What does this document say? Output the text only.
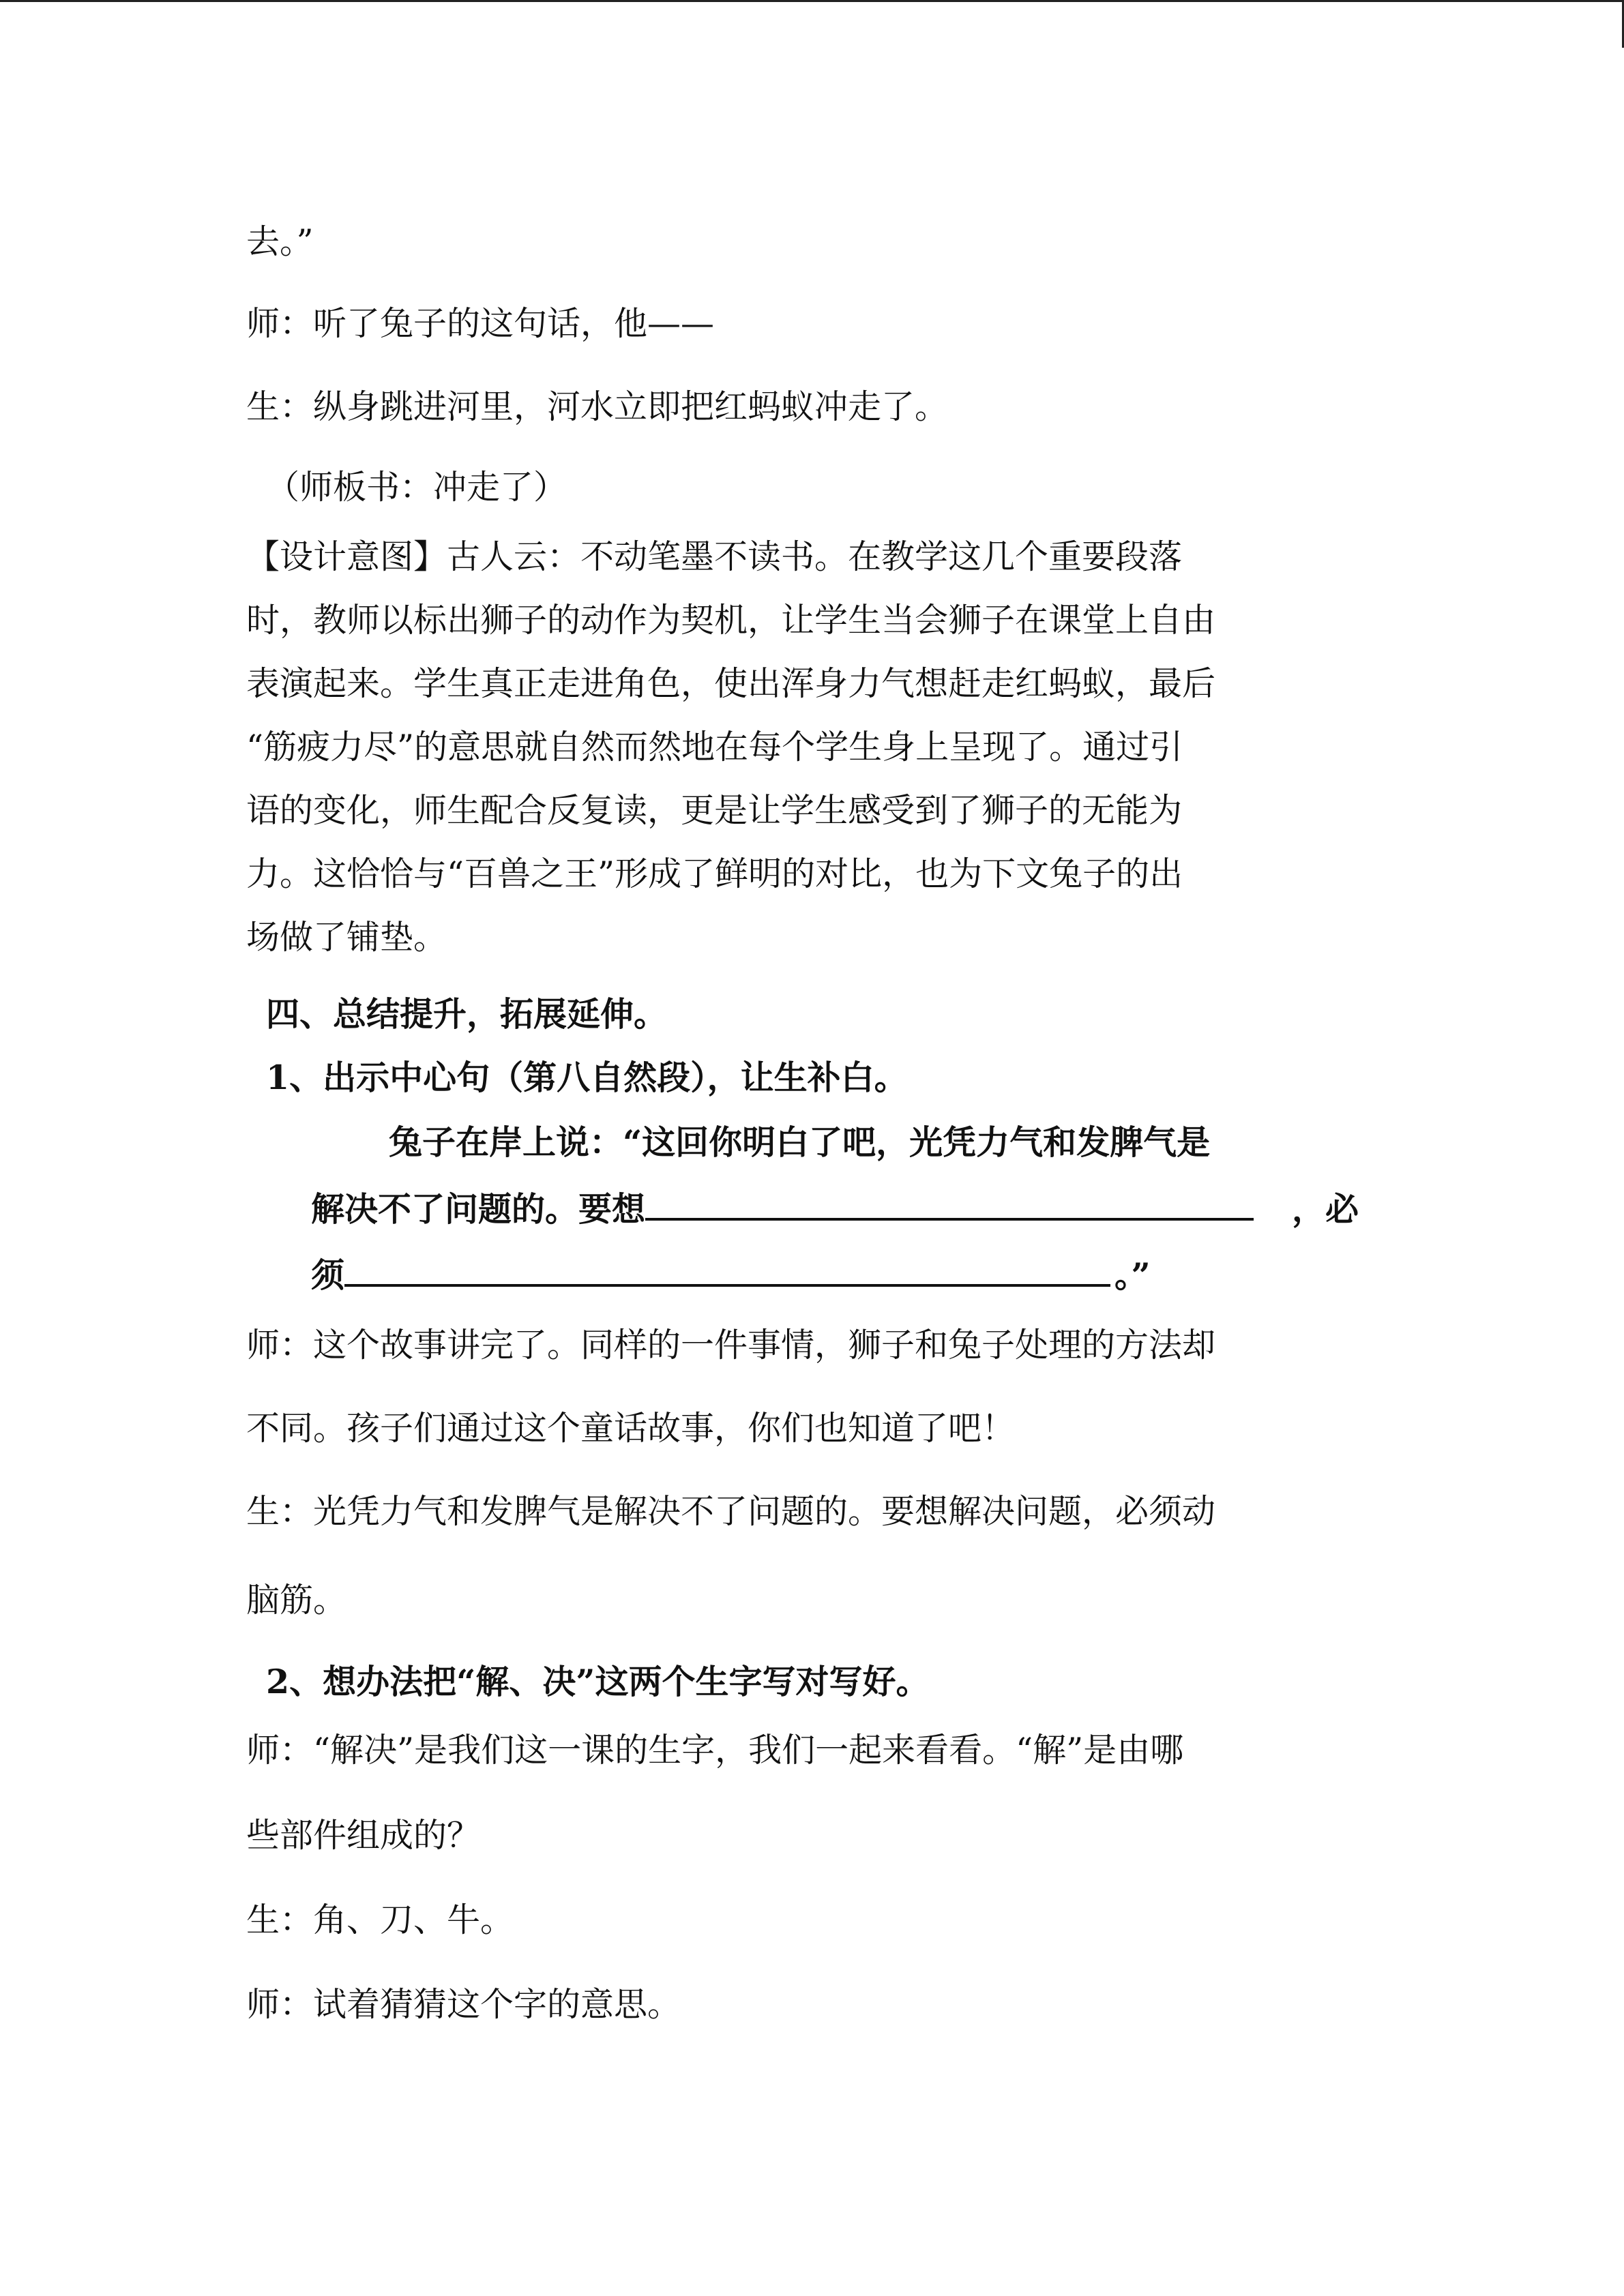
去。”
师：听了兔子的这句话，他——
生：纵身跳进河里，河水立即把红蚂蚁冲走了。
（师板书：冲走了）
【设计意图】古人云：不动笔墨不读书。在教学这几个重要段落
时，教师以标出狮子的动作为契机，让学生当会狮子在课堂上自由
表演起来。学生真正走进角色，使出浑身力气想赶走红蚂蚁，最后
“筋疲力尽”的意思就自然而然地在每个学生身上呈现了。通过引
语的变化，师生配合反复读，更是让学生感受到了狮子的无能为
力。这恰恰与“百兽之王”形成了鲜明的对比，也为下文兔子的出
场做了铺垫。
四、总结提升，拓展延伸。
1、出示中心句（第八自然段），让生补白。
兔子在岸上说：“这回你明白了吧，光凭力气和发脾气是
解决不了问题的。要想	，必
须	。”
师：这个故事讲完了。同样的一件事情，狮子和兔子处理的方法却
不同。孩子们通过这个童话故事，你们也知道了吧！
生：光凭力气和发脾气是解决不了问题的。要想解决问题，必须动
脑筋。
2、想办法把“解、决”这两个生字写对写好。
师：“解决”是我们这一课的生字，我们一起来看看。“解”是由哪
些部件组成的？
生：角、刀、牛。
师：试着猜猜这个字的意思。
